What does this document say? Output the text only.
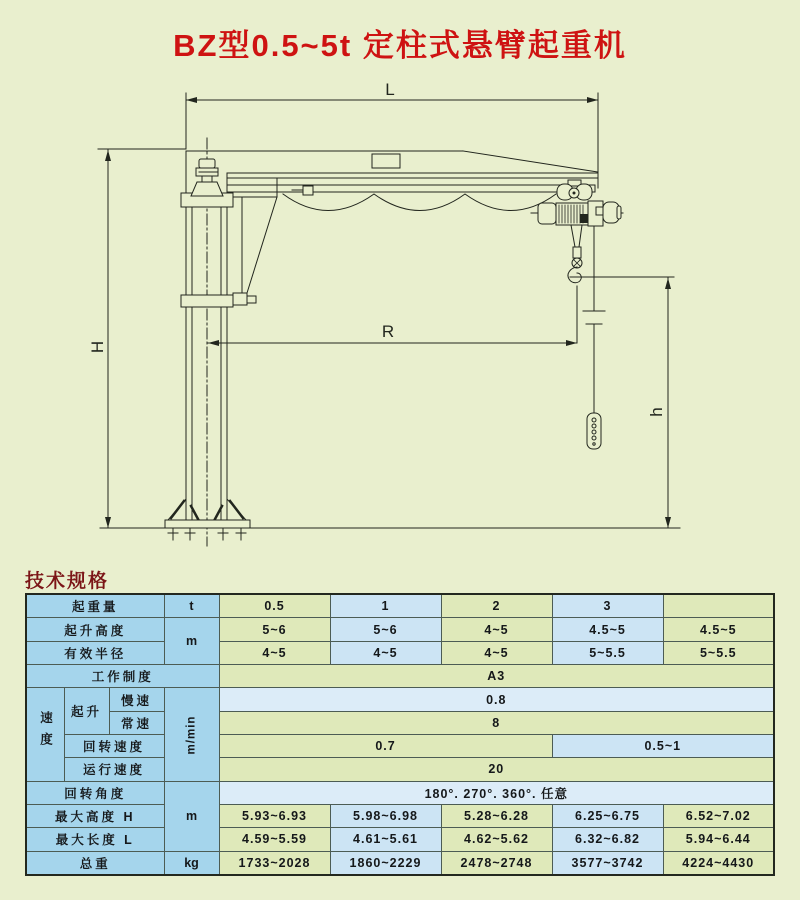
BZ型0.5~5t 定柱式悬臂起重机
L
H
R
h
技术规格
起重量			t	0.5	1	2	3	
起升高度			m	5~6	5~6	4~5	4.5~5	4.5~5
有效半径				4~5	4~5	4~5	5~5.5	5~5.5
工作制度				A3				
速度	起升	慢速	m/min	0.8				
		常速		8				
	回转速度			0.7			0.5~1	
	运行速度			20				
回转角度			m	180°. 270°. 360°. 任意				
最大高度 H				5.93~6.93	5.98~6.98	5.28~6.28	6.25~6.75	6.52~7.02
最大长度 L				4.59~5.59	4.61~5.61	4.62~5.62	6.32~6.82	5.94~6.44
总重			kg	1733~2028	1860~2229	2478~2748	3577~3742	4224~4430
